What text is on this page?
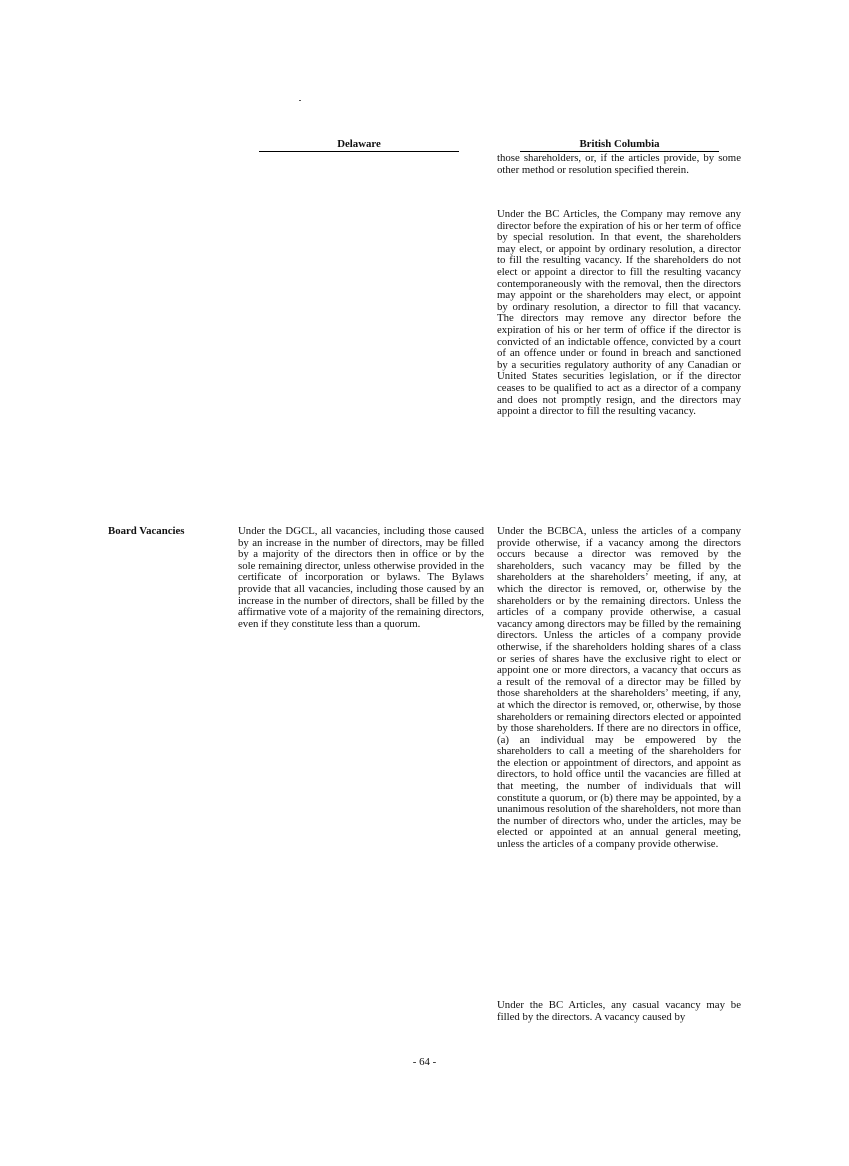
Delaware	British Columbia

those shareholders, or, if the articles provide, by some other method or resolution specified therein.

Under the BC Articles, the Company may remove any director before the expiration of his or her term of office by special resolution. In that event, the shareholders may elect, or appoint by ordinary resolution, a director to fill the resulting vacancy. If the shareholders do not elect or appoint a director to fill the resulting vacancy contemporaneously with the removal, then the directors may appoint or the shareholders may elect, or appoint by ordinary resolution, a director to fill that vacancy. The directors may remove any director before the expiration of his or her term of office if the director is convicted of an indictable offence, convicted by a court of an offence under or found in breach and sanctioned by a securities regulatory authority of any Canadian or United States securities legislation, or if the director ceases to be qualified to act as a director of a company and does not promptly resign, and the directors may appoint a director to fill the resulting vacancy.

Board Vacancies	Under the DGCL, all vacancies, including those caused by an increase in the number of directors, may be filled by a majority of the directors then in office or by the sole remaining director, unless otherwise provided in the certificate of incorporation or bylaws. The Bylaws provide that all vacancies, including those caused by an increase in the number of directors, shall be filled by the affirmative vote of a majority of the remaining directors, even if they constitute less than a quorum.

Under the BCBCA, unless the articles of a company provide otherwise, if a vacancy among the directors occurs because a director was removed by the shareholders, such vacancy may be filled by the shareholders at the shareholders’ meeting, if any, at which the director is removed, or, otherwise by the shareholders or by the remaining directors. Unless the articles of a company provide otherwise, a casual vacancy among directors may be filled by the remaining directors. Unless the articles of a company provide otherwise, if the shareholders holding shares of a class or series of shares have the exclusive right to elect or appoint one or more directors, a vacancy that occurs as a result of the removal of a director may be filled by those shareholders at the shareholders’ meeting, if any, at which the director is removed, or, otherwise, by those shareholders or remaining directors elected or appointed by those shareholders. If there are no directors in office, (a) an individual may be empowered by the shareholders to call a meeting of the shareholders for the election or appointment of directors, and appoint as directors, to hold office until the vacancies are filled at that meeting, the number of individuals that will constitute a quorum, or (b) there may be appointed, by a unanimous resolution of the shareholders, not more than the number of directors who, under the articles, may be elected or appointed at an annual general meeting, unless the articles of a company provide otherwise.

Under the BC Articles, any casual vacancy may be filled by the directors. A vacancy caused by

- 64 -
